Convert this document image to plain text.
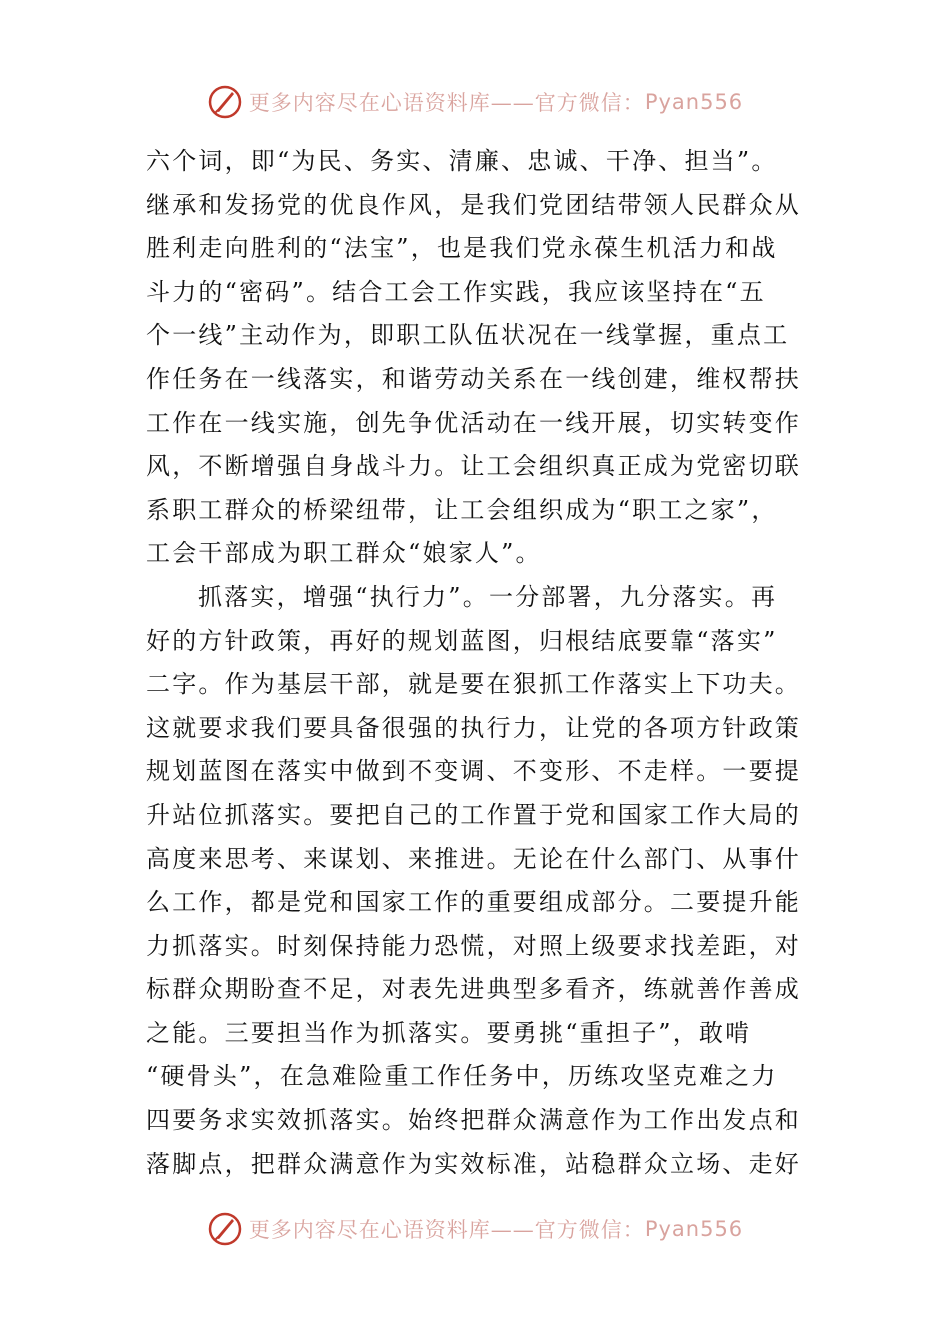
更多内容尽在心语资料库——官方微信： Pyan556
六个词，即“为民、务实、清廉、忠诚、干净、担当”。
继承和发扬党的优良作风，是我们党团结带领人民群众从
胜利走向胜利的“法宝”，也是我们党永葆生机活力和战
斗力的“密码”。结合工会工作实践，我应该坚持在“五
个一线”主动作为，即职工队伍状况在一线掌握，重点工
作任务在一线落实，和谐劳动关系在一线创建，维权帮扶
工作在一线实施，创先争优活动在一线开展，切实转变作
风，不断增强自身战斗力。让工会组织真正成为党密切联
系职工群众的桥梁纽带，让工会组织成为“职工之家”，
工会干部成为职工群众“娘家人”。
抓落实，增强“执行力”。一分部署，九分落实。再
好的方针政策，再好的规划蓝图，归根结底要靠“落实”
二字。作为基层干部，就是要在狠抓工作落实上下功夫。
这就要求我们要具备很强的执行力，让党的各项方针政策
规划蓝图在落实中做到不变调、不变形、不走样。一要提
升站位抓落实。要把自己的工作置于党和国家工作大局的
高度来思考、来谋划、来推进。无论在什么部门、从事什
么工作，都是党和国家工作的重要组成部分。二要提升能
力抓落实。时刻保持能力恐慌，对照上级要求找差距，对
标群众期盼查不足，对表先进典型多看齐，练就善作善成
之能。三要担当作为抓落实。要勇挑“重担子”，敢啃
“硬骨头”，在急难险重工作任务中，历练攻坚克难之力
四要务求实效抓落实。始终把群众满意作为工作出发点和
落脚点，把群众满意作为实效标准，站稳群众立场、走好
更多内容尽在心语资料库——官方微信： Pyan556
